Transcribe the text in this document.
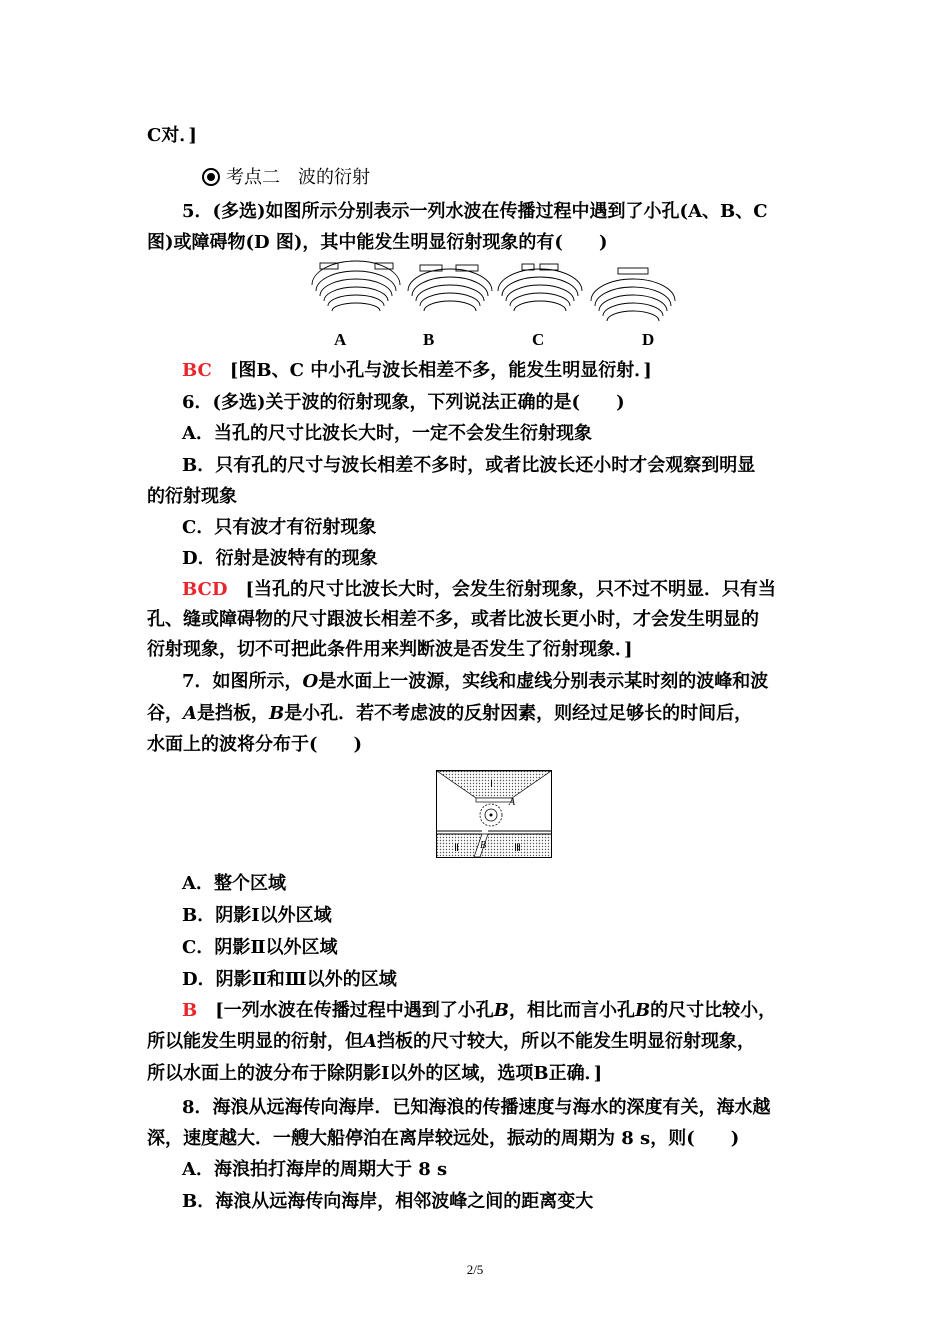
C对．]
考点二　波的衍射
5．(多选)如图所示分别表示一列水波在传播过程中遇到了小孔(A、B、C
图)或障碍物(D 图)，其中能发生明显衍射现象的有(　　)
A	B	C	D
BC　[图B、C 中小孔与波长相差不多，能发生明显衍射．]
6．(多选)关于波的衍射现象，下列说法正确的是(　　)
A．当孔的尺寸比波长大时，一定不会发生衍射现象
B．只有孔的尺寸与波长相差不多时，或者比波长还小时才会观察到明显
的衍射现象
C．只有波才有衍射现象
D．衍射是波特有的现象
BCD　[当孔的尺寸比波长大时，会发生衍射现象，只不过不明显．只有当
孔、缝或障碍物的尺寸跟波长相差不多，或者比波长更小时，才会发生明显的
衍射现象，切不可把此条件用来判断波是否发生了衍射现象．]
7．如图所示，O是水面上一波源，实线和虚线分别表示某时刻的波峰和波
谷，A是挡板，B是小孔．若不考虑波的反射因素，则经过足够长的时间后，
水面上的波将分布于(　　)
Ⅰ
A
Ⅱ B	Ⅲ
A．整个区域
B．阴影Ⅰ以外区域
C．阴影Ⅱ以外区域
D．阴影Ⅱ和Ⅲ以外的区域
B　[一列水波在传播过程中遇到了小孔B，相比而言小孔B的尺寸比较小，
所以能发生明显的衍射，但A挡板的尺寸较大，所以不能发生明显衍射现象，
所以水面上的波分布于除阴影Ⅰ以外的区域，选项B正确．]
8．海浪从远海传向海岸．已知海浪的传播速度与海水的深度有关，海水越
深，速度越大．一艘大船停泊在离岸较远处，振动的周期为 8 s，则(　　)
A．海浪拍打海岸的周期大于 8 s
B．海浪从远海传向海岸，相邻波峰之间的距离变大
2/5
